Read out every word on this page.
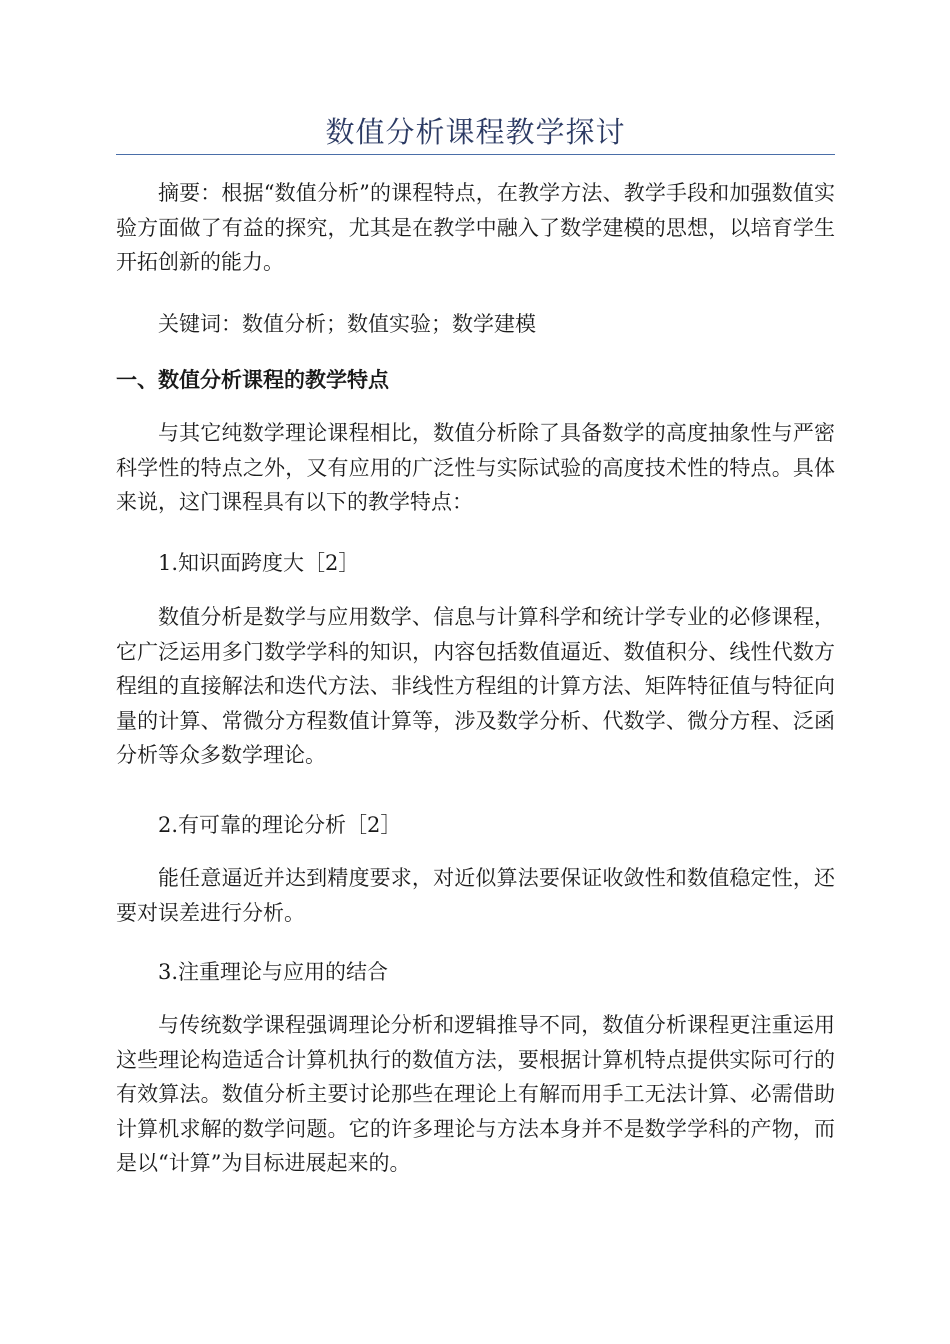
数值分析课程教学探讨

摘要：根据“数值分析”的课程特点，在教学方法、教学手段和加强数值实验方面做了有益的探究，尤其是在教学中融入了数学建模的思想，以培育学生开拓创新的能力。

关键词：数值分析；数值实验；数学建模

一、数值分析课程的教学特点

与其它纯数学理论课程相比，数值分析除了具备数学的高度抽象性与严密科学性的特点之外，又有应用的广泛性与实际试验的高度技术性的特点。具体来说，这门课程具有以下的教学特点：

1.知识面跨度大［2］

数值分析是数学与应用数学、信息与计算科学和统计学专业的必修课程，它广泛运用多门数学学科的知识，内容包括数值逼近、数值积分、线性代数方程组的直接解法和迭代方法、非线性方程组的计算方法、矩阵特征值与特征向量的计算、常微分方程数值计算等，涉及数学分析、代数学、微分方程、泛函分析等众多数学理论。

2.有可靠的理论分析［2］

能任意逼近并达到精度要求，对近似算法要保证收敛性和数值稳定性，还要对误差进行分析。

3.注重理论与应用的结合

与传统数学课程强调理论分析和逻辑推导不同，数值分析课程更注重运用这些理论构造适合计算机执行的数值方法，要根据计算机特点提供实际可行的有效算法。数值分析主要讨论那些在理论上有解而用手工无法计算、必需借助计算机求解的数学问题。它的许多理论与方法本身并不是数学学科的产物，而是以“计算”为目标进展起来的。
